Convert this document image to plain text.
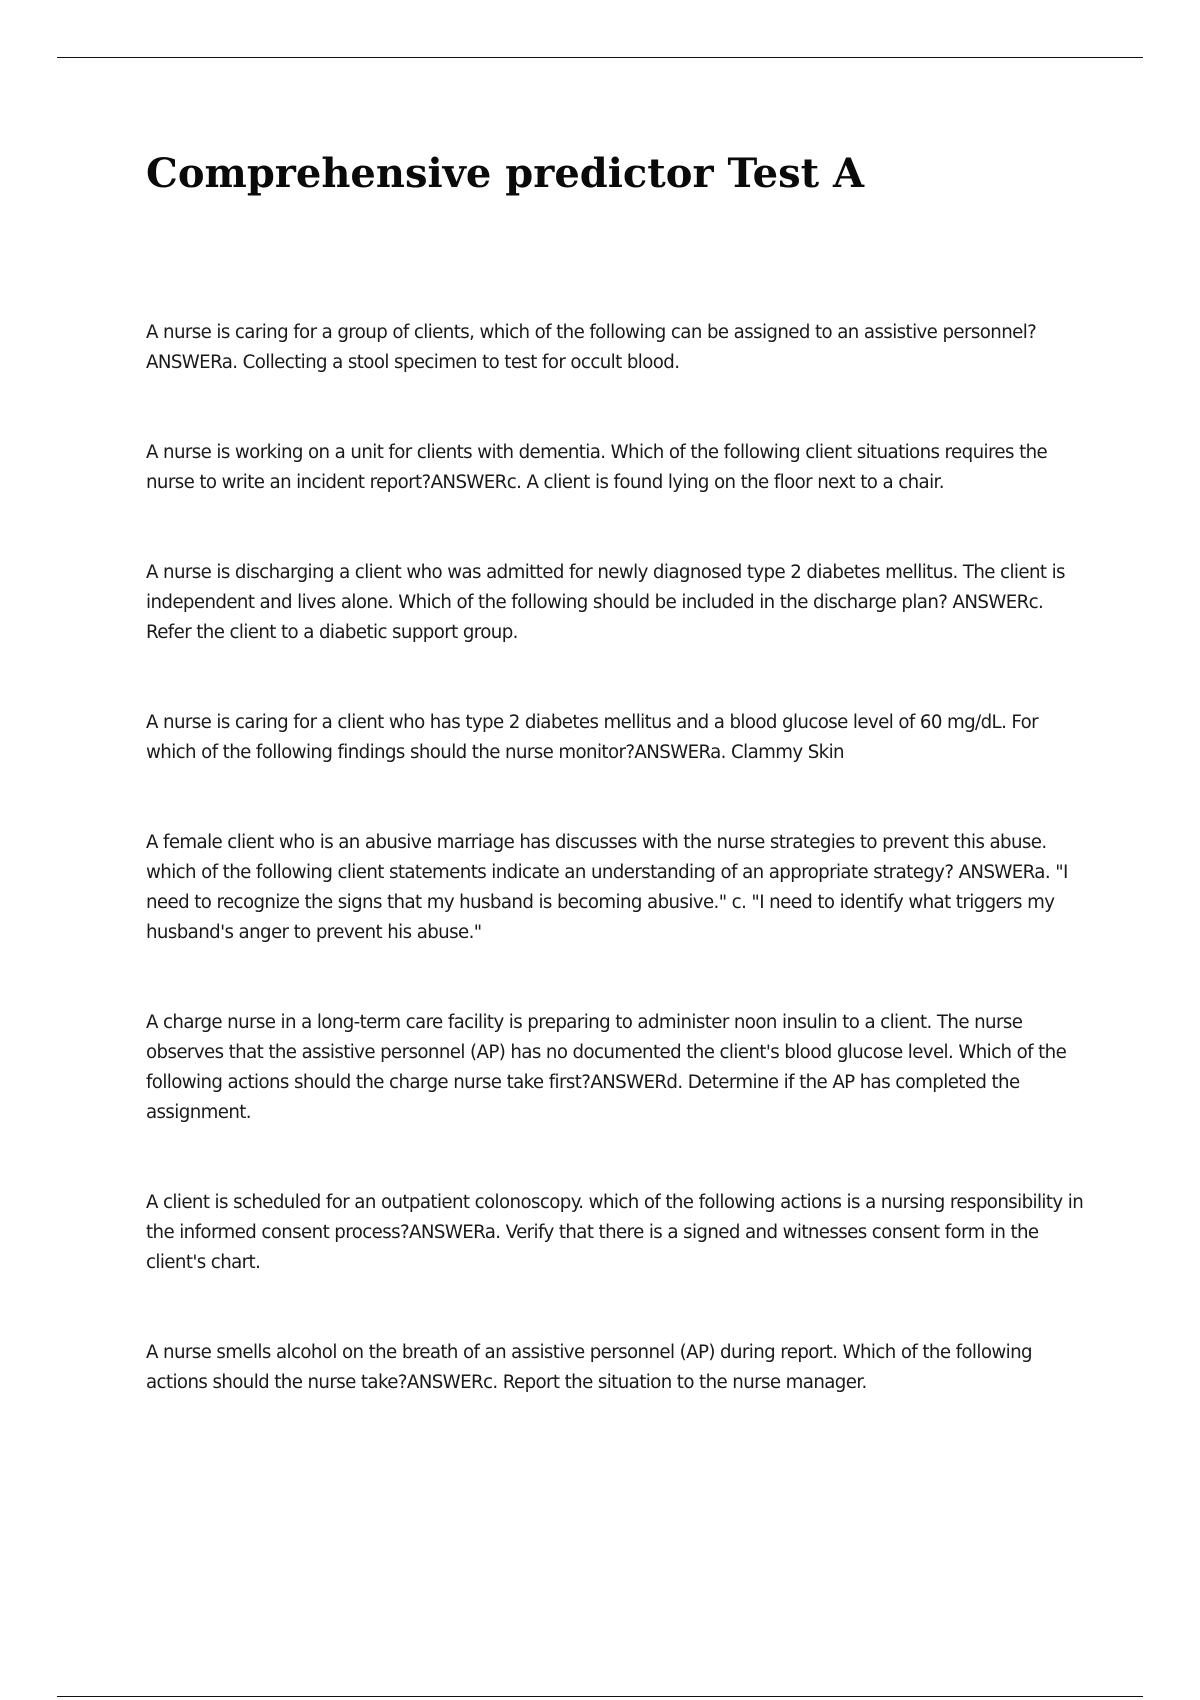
Comprehensive predictor Test A

A nurse is caring for a group of clients, which of the following can be assigned to an assistive personnel? ANSWERa. Collecting a stool specimen to test for occult blood.

A nurse is working on a unit for clients with dementia. Which of the following client situations requires the nurse to write an incident report?ANSWERc. A client is found lying on the floor next to a chair.

A nurse is discharging a client who was admitted for newly diagnosed type 2 diabetes mellitus. The client is independent and lives alone. Which of the following should be included in the discharge plan? ANSWERc. Refer the client to a diabetic support group.

A nurse is caring for a client who has type 2 diabetes mellitus and a blood glucose level of 60 mg/dL. For which of the following findings should the nurse monitor?ANSWERa. Clammy Skin

A female client who is an abusive marriage has discusses with the nurse strategies to prevent this abuse. which of the following client statements indicate an understanding of an appropriate strategy? ANSWERa. "I need to recognize the signs that my husband is becoming abusive." c. "I need to identify what triggers my husband's anger to prevent his abuse."

A charge nurse in a long-term care facility is preparing to administer noon insulin to a client. The nurse observes that the assistive personnel (AP) has no documented the client's blood glucose level. Which of the following actions should the charge nurse take first?ANSWERd. Determine if the AP has completed the assignment.

A client is scheduled for an outpatient colonoscopy. which of the following actions is a nursing responsibility in the informed consent process?ANSWERa. Verify that there is a signed and witnesses consent form in the client's chart.

A nurse smells alcohol on the breath of an assistive personnel (AP) during report. Which of the following actions should the nurse take?ANSWERc. Report the situation to the nurse manager.
